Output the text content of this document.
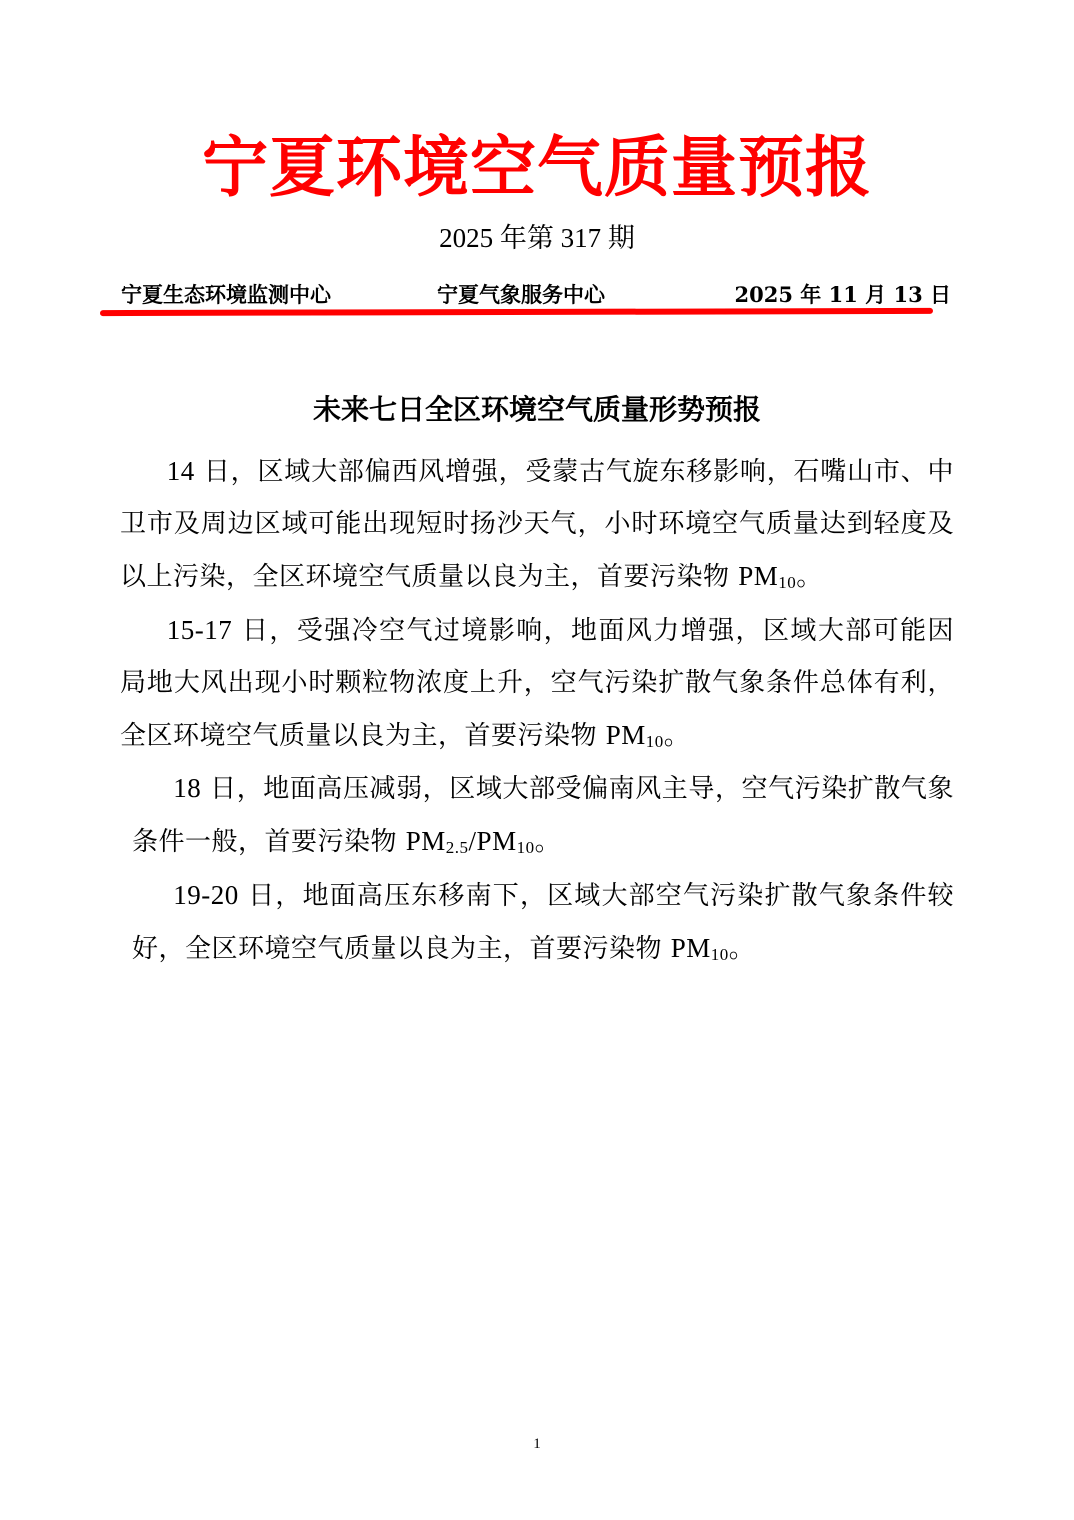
宁夏环境空气质量预报
2025 年第 317 期
宁夏生态环境监测中心	宁夏气象服务中心	2025 年 11 月 13 日
未来七日全区环境空气质量形势预报

14 日，区域大部偏西风增强，受蒙古气旋东移影响，石嘴山市、中卫市及周边区域可能出现短时扬沙天气，小时环境空气质量达到轻度及以上污染，全区环境空气质量以良为主，首要污染物 $PM_{10}$。

15-17 日，受强冷空气过境影响，地面风力增强，区域大部可能因局地大风出现小时颗粒物浓度上升，空气污染扩散气象条件总体有利，全区环境空气质量以良为主，首要污染物 $PM_{10}$。

18 日，地面高压减弱，区域大部受偏南风主导，空气污染扩散气象条件一般，首要污染物 $PM_{2.5}/PM_{10}$。

19-20 日，地面高压东移南下，区域大部空气污染扩散气象条件较好，全区环境空气质量以良为主，首要污染物 $PM_{10}$。

1
